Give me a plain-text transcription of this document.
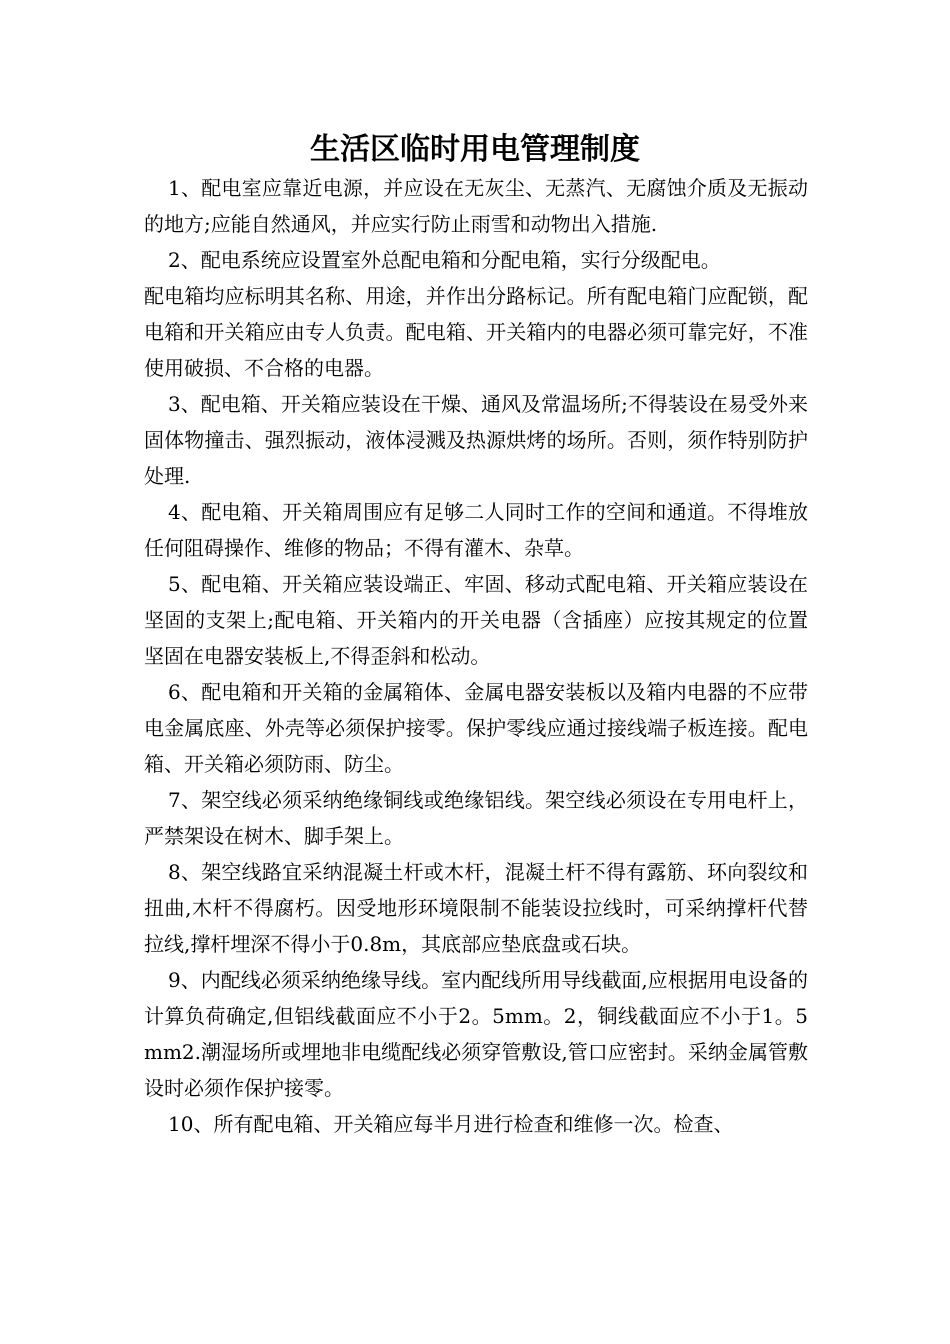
生活区临时用电管理制度

1、配电室应靠近电源，并应设在无灰尘、无蒸汽、无腐蚀介质及无振动的地方;应能自然通风，并应实行防止雨雪和动物出入措施.

2、配电系统应设置室外总配电箱和分配电箱，实行分级配电。

配电箱均应标明其名称、用途，并作出分路标记。所有配电箱门应配锁，配电箱和开关箱应由专人负责。配电箱、开关箱内的电器必须可靠完好，不准使用破损、不合格的电器。

3、配电箱、开关箱应装设在干燥、通风及常温场所;不得装设在易受外来固体物撞击、强烈振动，液体浸溅及热源烘烤的场所。否则，须作特别防护处理.

4、配电箱、开关箱周围应有足够二人同时工作的空间和通道。不得堆放任何阻碍操作、维修的物品；不得有灌木、杂草。

5、配电箱、开关箱应装设端正、牢固、移动式配电箱、开关箱应装设在坚固的支架上;配电箱、开关箱内的开关电器（含插座）应按其规定的位置坚固在电器安装板上,不得歪斜和松动。

6、配电箱和开关箱的金属箱体、金属电器安装板以及箱内电器的不应带电金属底座、外壳等必须保护接零。保护零线应通过接线端子板连接。配电箱、开关箱必须防雨、防尘。

7、架空线必须采纳绝缘铜线或绝缘铝线。架空线必须设在专用电杆上，严禁架设在树木、脚手架上。

8、架空线路宜采纳混凝土杆或木杆，混凝土杆不得有露筋、环向裂纹和扭曲,木杆不得腐朽。因受地形环境限制不能装设拉线时，可采纳撑杆代替拉线,撑杆埋深不得小于0.8m，其底部应垫底盘或石块。

9、内配线必须采纳绝缘导线。室内配线所用导线截面,应根据用电设备的计算负荷确定,但铝线截面应不小于2。5mm。2，铜线截面应不小于1。5mm2.潮湿场所或埋地非电缆配线必须穿管敷设,管口应密封。采纳金属管敷设时必须作保护接零。

10、所有配电箱、开关箱应每半月进行检查和维修一次。检查、
